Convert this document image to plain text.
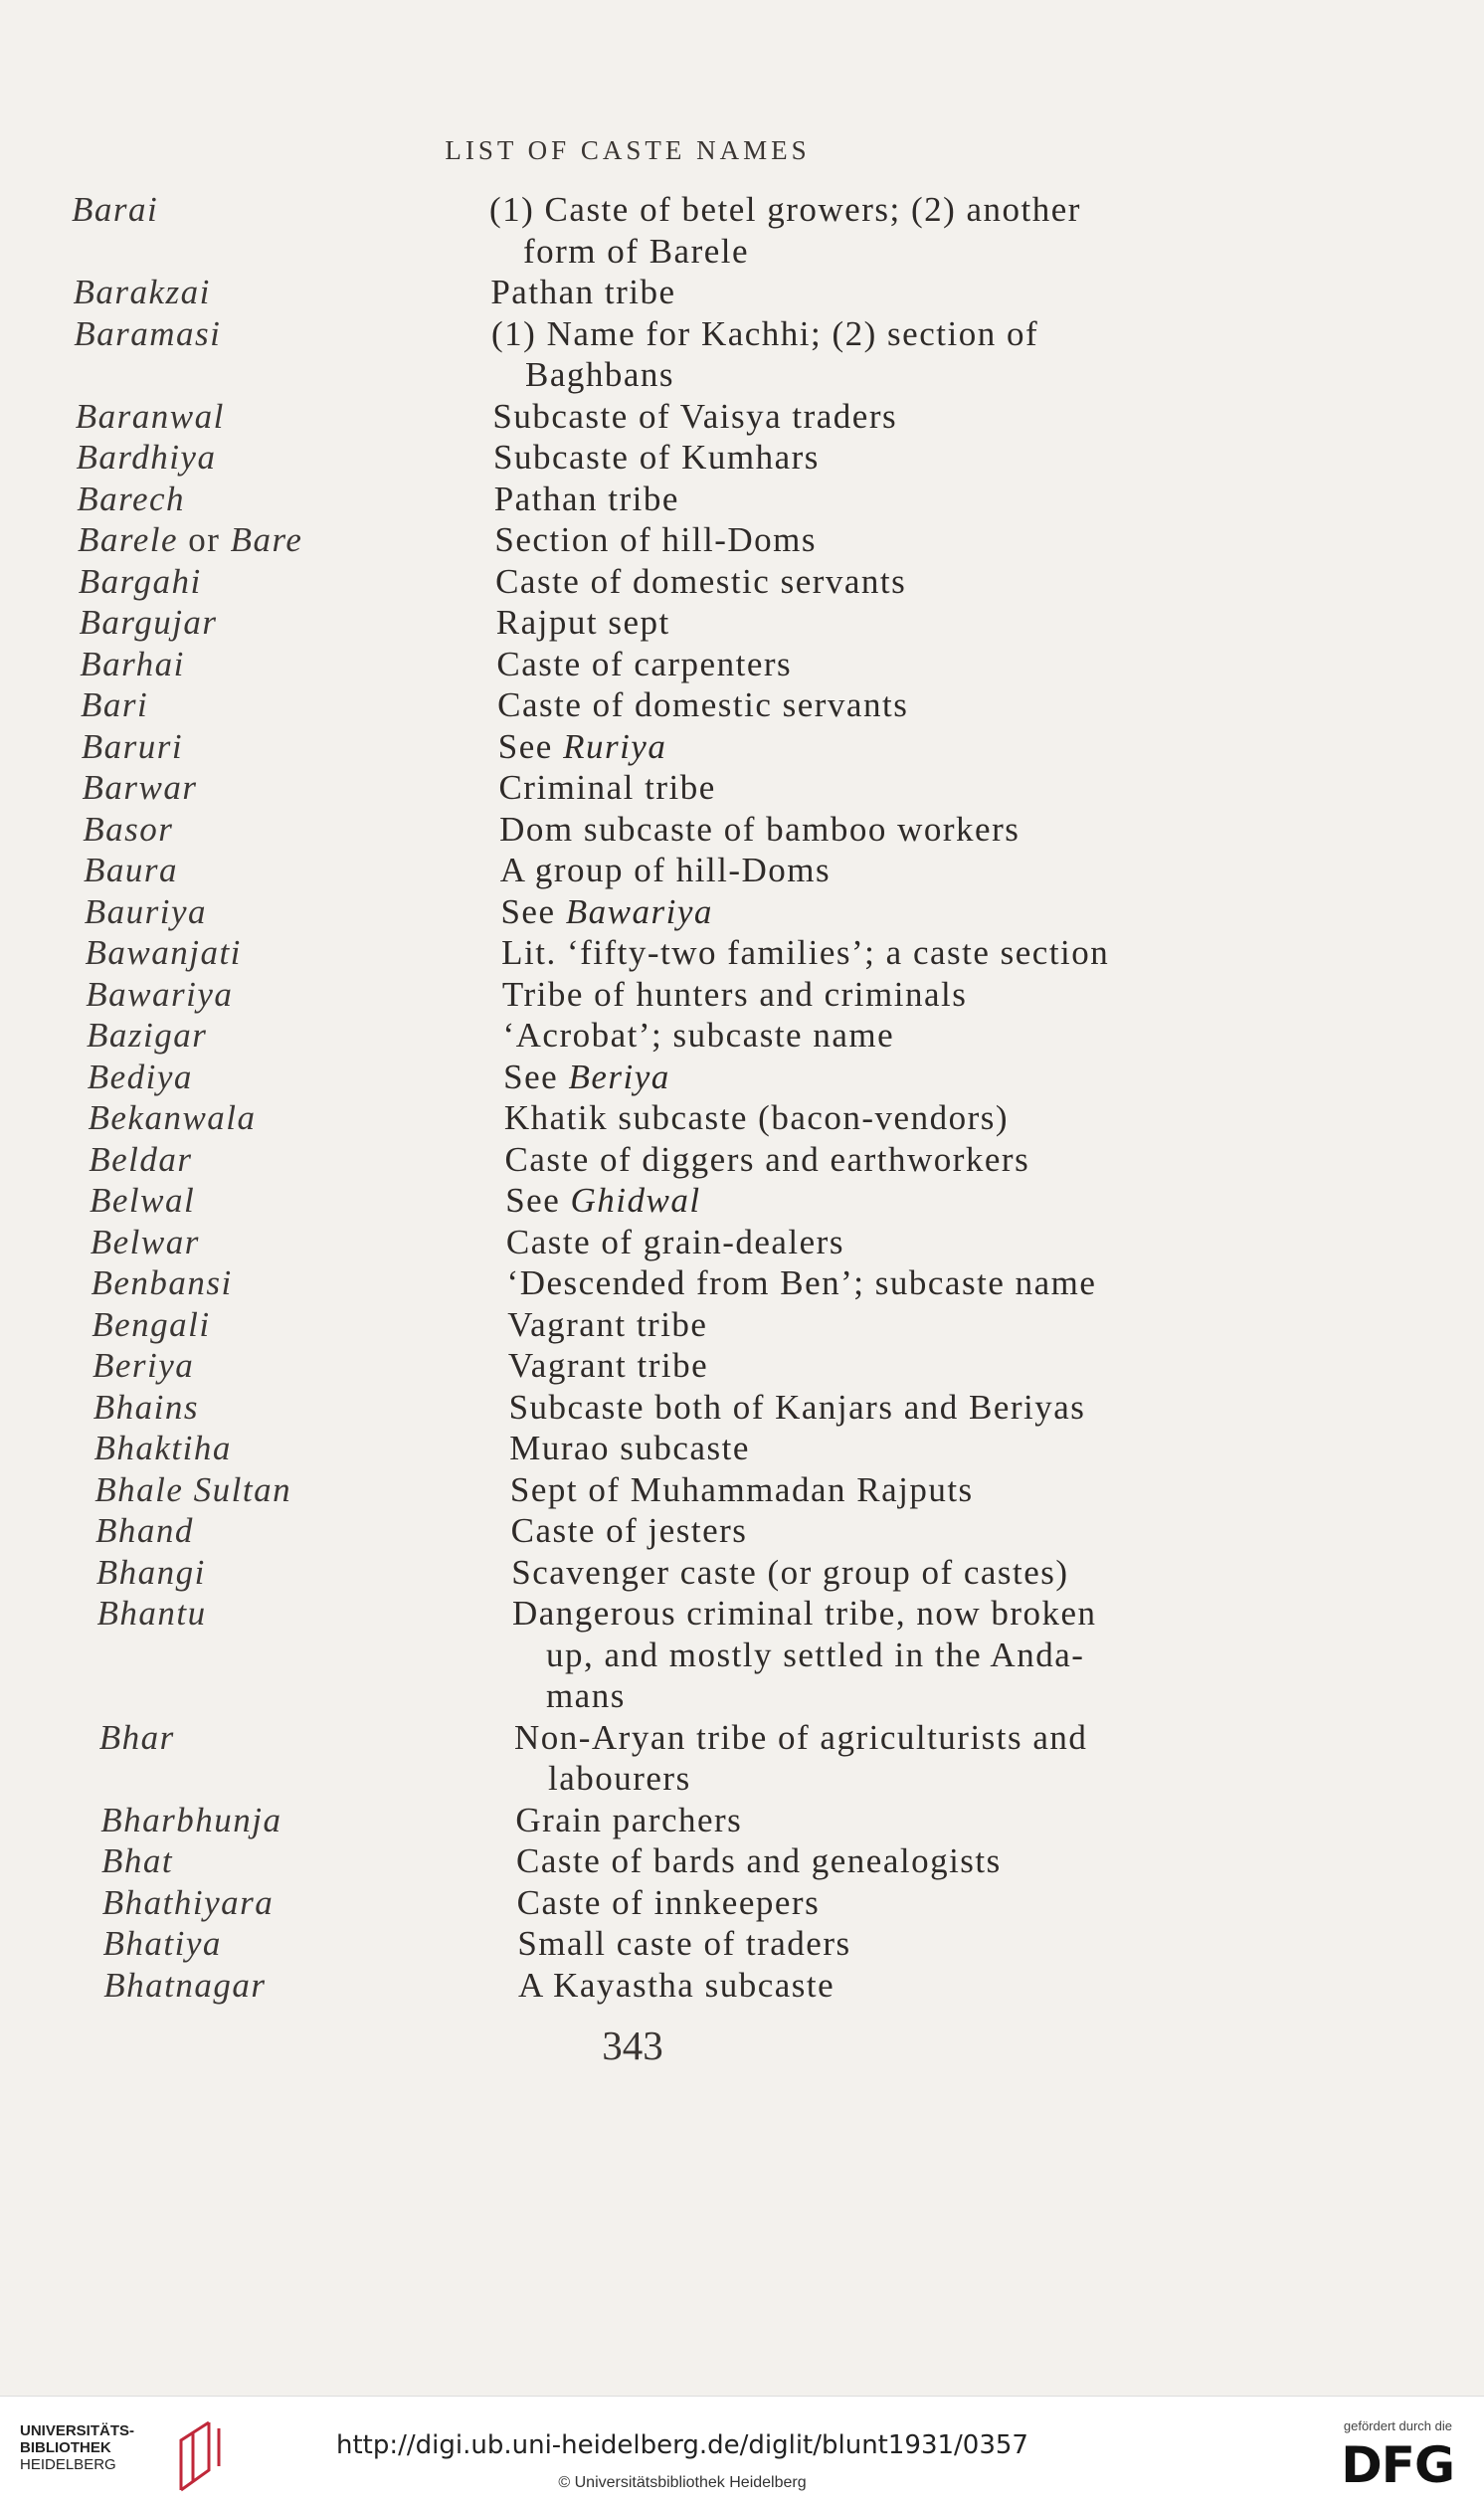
LIST OF CASTE NAMES
Barai	(1) Caste of betel growers; (2) another
form of Barele
Barakzai	Pathan tribe
Baramasi	(1) Name for Kachhi; (2) section of
Baghbans
Baranwal	Subcaste of Vaisya traders
Bardhiya	Subcaste of Kumhars
Barech	Pathan tribe
Barele or Bare	Section of hill-Doms
Bargahi	Caste of domestic servants
Bargujar	Rajput sept
Barhai	Caste of carpenters
Bari	Caste of domestic servants
Baruri	See Ruriya
Barwar	Criminal tribe
Basor	Dom subcaste of bamboo workers
Baura	A group of hill-Doms
Bauriya	See Bawariya
Bawanjati	Lit. ‘fifty-two families’; a caste section
Bawariya	Tribe of hunters and criminals
Bazigar	‘Acrobat’; subcaste name
Bediya	See Beriya
Bekanwala	Khatik subcaste (bacon-vendors)
Beldar	Caste of diggers and earthworkers
Belwal	See Ghidwal
Belwar	Caste of grain-dealers
Benbansi	‘Descended from Ben’; subcaste name
Bengali	Vagrant tribe
Beriya	Vagrant tribe
Bhains	Subcaste both of Kanjars and Beriyas
Bhaktiha	Murao subcaste
Bhale Sultan	Sept of Muhammadan Rajputs
Bhand	Caste of jesters
Bhangi	Scavenger caste (or group of castes)
Bhantu	Dangerous criminal tribe, now broken
up, and mostly settled in the Anda-
mans
Bhar	Non-Aryan tribe of agriculturists and
labourers
Bharbhunja	Grain parchers
Bhat	Caste of bards and genealogists
Bhathiyara	Caste of innkeepers
Bhatiya	Small caste of traders
Bhatnagar	A Kayastha subcaste
343
UNIVERSITÄTS-
BIBLIOTHEK
HEIDELBERG
http://digi.ub.uni-heidelberg.de/diglit/blunt1931/0357
© Universitätsbibliothek Heidelberg
gefördert durch die
DFG
